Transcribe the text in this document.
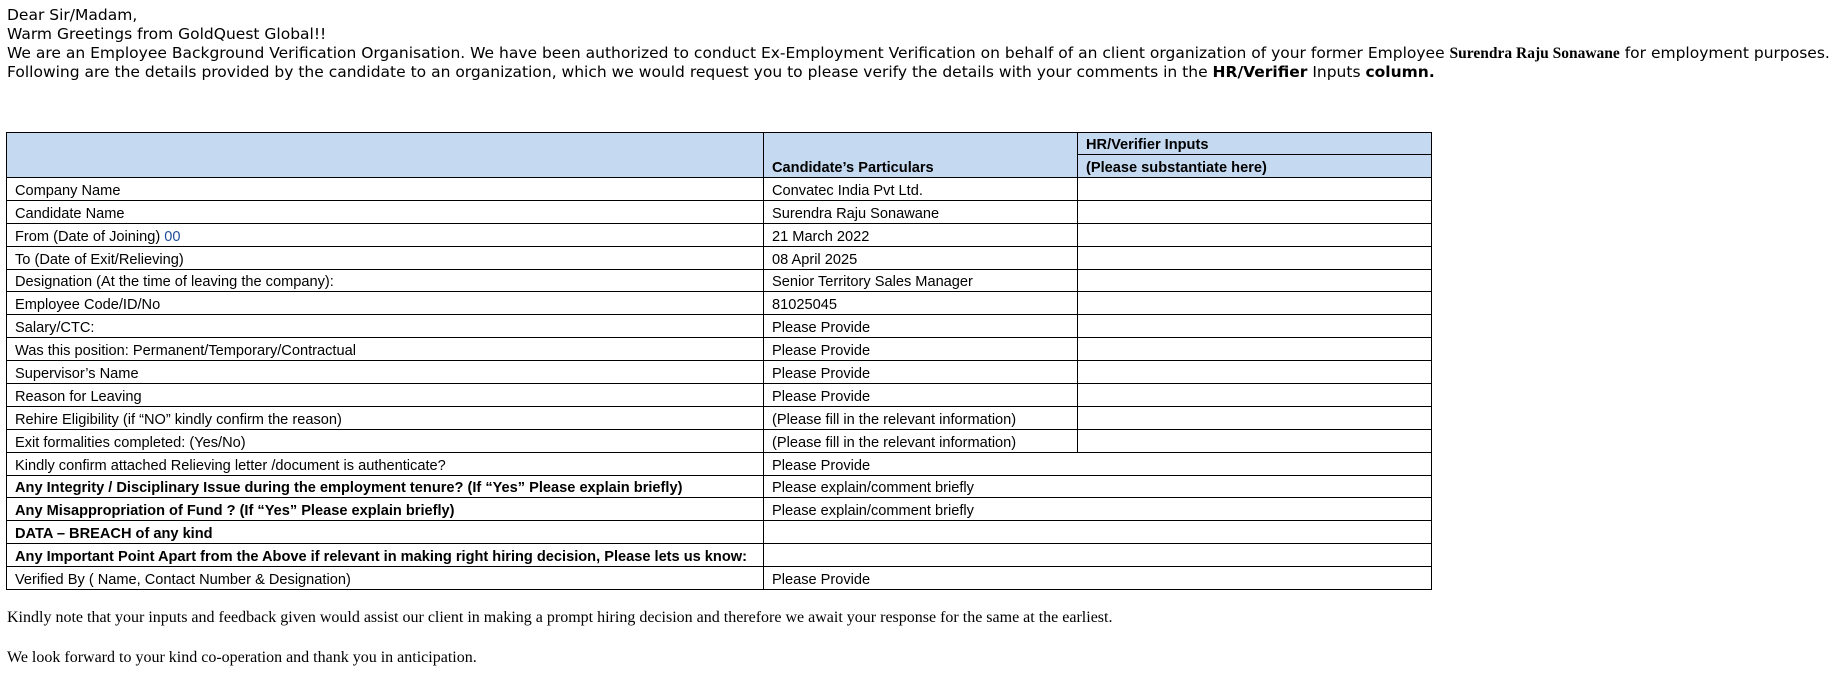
Dear Sir/Madam,
Warm Greetings from GoldQuest Global!!
We are an Employee Background Verification Organisation. We have been authorized to conduct Ex-Employment Verification on behalf of an client organization of your former Employee Surendra Raju Sonawane for employment purposes.
Following are the details provided by the candidate to an organization, which we would request you to please verify the details with your comments in the HR/Verifier Inputs column.
	Candidate’s Particulars	HR/Verifier Inputs
		(Please substantiate here)
Company Name	Convatec India Pvt Ltd.	
Candidate Name	Surendra Raju Sonawane	
From (Date of Joining) 00	21 March 2022	
To (Date of Exit/Relieving)	08 April 2025	
Designation (At the time of leaving the company):	Senior Territory Sales Manager	
Employee Code/ID/No	81025045	
Salary/CTC:	Please Provide	
Was this position: Permanent/Temporary/Contractual	Please Provide	
Supervisor’s Name	Please Provide	
Reason for Leaving	Please Provide	
Rehire Eligibility (if “NO” kindly confirm the reason)	(Please fill in the relevant information)	
Exit formalities completed: (Yes/No)	(Please fill in the relevant information)	
Kindly confirm attached Relieving letter /document is authenticate?	Please Provide	
Any Integrity / Disciplinary Issue during the employment tenure? (If “Yes” Please explain briefly)	Please explain/comment briefly	
Any Misappropriation of Fund ? (If “Yes” Please explain briefly)	Please explain/comment briefly	
DATA – BREACH of any kind		
Any Important Point Apart from the Above if relevant in making right hiring decision, Please lets us know:		
Verified By ( Name, Contact Number & Designation)	Please Provide	
Kindly note that your inputs and feedback given would assist our client in making a prompt hiring decision and therefore we await your response for the same at the earliest.
We look forward to your kind co-operation and thank you in anticipation.
